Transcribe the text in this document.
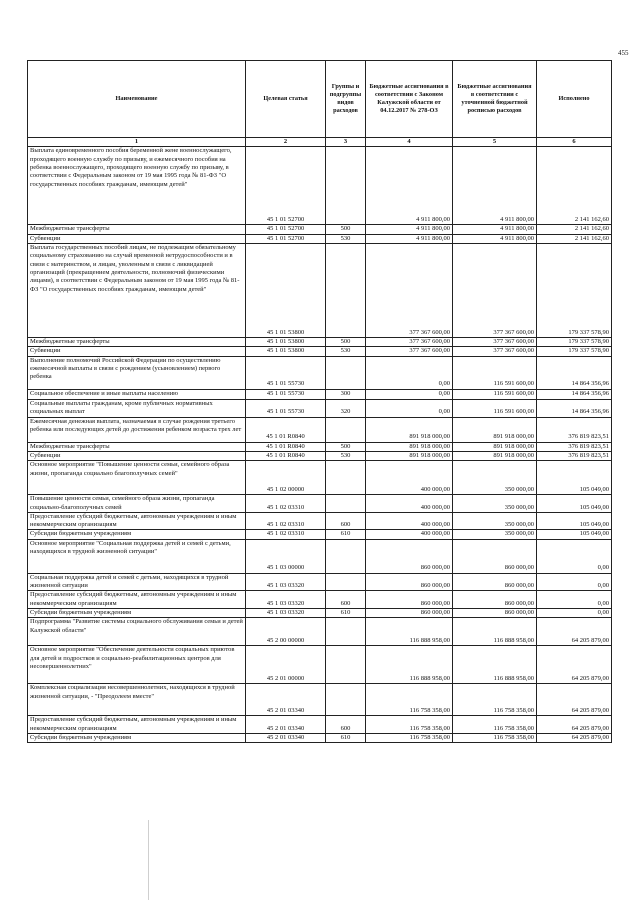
455
Наименование	Целевая статья	Группы и подгруппы видов расходов	Бюджетные ассигнования в соответствии с Законом Калужской области от 04.12.2017 № 278-ОЗ	Бюджетные ассигнования в соответствии с уточненной бюджетной росписью расходов	Исполнено
1	2	3	4	5	6
Выплата единовременного пособия беременной жене военнослужащего, проходящего военную службу по призыву, и ежемесячного пособия на ребенка военнослужащего, проходящего военную службу по призыву, в соответствии с Федеральным законом от 19 мая 1995 года № 81-ФЗ "О государственных пособиях гражданам, имеющим детей"	45 1 01 52700		4 911 800,00	4 911 800,00	2 141 162,60
Межбюджетные трансферты	45 1 01 52700	500	4 911 800,00	4 911 800,00	2 141 162,60
Субвенции	45 1 01 52700	530	4 911 800,00	4 911 800,00	2 141 162,60
Выплата государственных пособий лицам, не подлежащим обязательному социальному страхованию на случай временной нетрудоспособности и в связи с материнством, и лицам, уволенным в связи с ликвидацией организаций (прекращением деятельности, полномочий физическими лицами), в соответствии с Федеральным законом от 19 мая 1995 года № 81-ФЗ "О государственных пособиях гражданам, имеющим детей"	45 1 01 53800		377 367 600,00	377 367 600,00	179 337 578,90
Межбюджетные трансферты	45 1 01 53800	500	377 367 600,00	377 367 600,00	179 337 578,90
Субвенции	45 1 01 53800	530	377 367 600,00	377 367 600,00	179 337 578,90
Выполнение полномочий Российской Федерации по осуществлению ежемесячной выплаты в связи с рождением (усыновлением) первого ребенка	45 1 01 55730		0,00	116 591 600,00	14 864 356,96
Социальное обеспечение и иные выплаты населению	45 1 01 55730	300	0,00	116 591 600,00	14 864 356,96
Социальные выплаты гражданам, кроме публичных нормативных социальных выплат	45 1 01 55730	320	0,00	116 591 600,00	14 864 356,96
Ежемесячная денежная выплата, назначаемая в случае рождения третьего ребенка или последующих детей до достижения ребенком возраста трех лет	45 1 01 R0840		891 918 000,00	891 918 000,00	376 819 823,51
Межбюджетные трансферты	45 1 01 R0840	500	891 918 000,00	891 918 000,00	376 819 823,51
Субвенции	45 1 01 R0840	530	891 918 000,00	891 918 000,00	376 819 823,51
Основное мероприятие "Повышение ценности семьи, семейного образа жизни, пропаганда социально благополучных семей"	45 1 02 00000		400 000,00	350 000,00	105 049,00
Повышение ценности семьи, семейного образа жизни, пропаганда социально-благополучных семей	45 1 02 03310		400 000,00	350 000,00	105 049,00
Предоставление субсидий бюджетным, автономным учреждениям и иным некоммерческим организациям	45 1 02 03310	600	400 000,00	350 000,00	105 049,00
Субсидии бюджетным учреждениям	45 1 02 03310	610	400 000,00	350 000,00	105 049,00
Основное мероприятие "Социальная поддержка детей и семей с детьми, находящихся в трудной жизненной ситуации"	45 1 03 00000		860 000,00	860 000,00	0,00
Социальная поддержка детей и семей с детьми, находящихся в трудной жизненной ситуации	45 1 03 03320		860 000,00	860 000,00	0,00
Предоставление субсидий бюджетным, автономным учреждениям и иным некоммерческим организациям	45 1 03 03320	600	860 000,00	860 000,00	0,00
Субсидии бюджетным учреждениям	45 1 03 03320	610	860 000,00	860 000,00	0,00
Подпрограмма "Развитие системы социального обслуживания семьи и детей Калужской области"	45 2 00 00000		116 888 958,00	116 888 958,00	64 205 879,00
Основное мероприятие "Обеспечение деятельности социальных приютов для детей и подростков и социально-реабилитационных центров для несовершеннолетних"	45 2 01 00000		116 888 958,00	116 888 958,00	64 205 879,00
Комплексная социализация несовершеннолетних, находящихся в трудной жизненной ситуации, - "Преодолеем вместе"	45 2 01 03340		116 758 358,00	116 758 358,00	64 205 879,00
Предоставление субсидий бюджетным, автономным учреждениям и иным некоммерческим организациям	45 2 01 03340	600	116 758 358,00	116 758 358,00	64 205 879,00
Субсидии бюджетным учреждениям	45 2 01 03340	610	116 758 358,00	116 758 358,00	64 205 879,00
